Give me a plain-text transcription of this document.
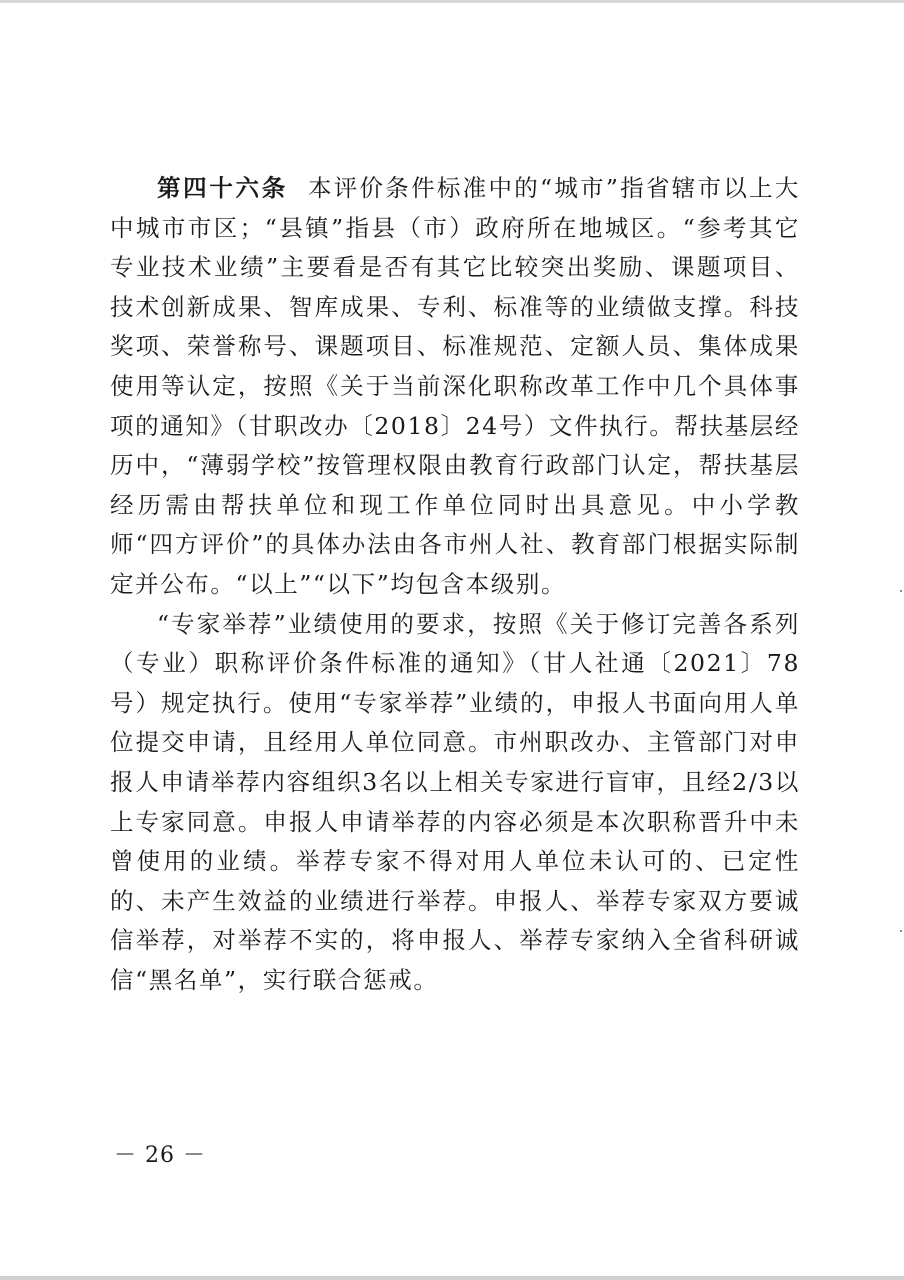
第四十六条 本评价条件标准中的“城市”指省辖市以上大中城市市区；“县镇”指县（市）政府所在地城区。“参考其它专业技术业绩”主要看是否有其它比较突出奖励、课题项目、技术创新成果、智库成果、专利、标准等的业绩做支撑。科技奖项、荣誉称号、课题项目、标准规范、定额人员、集体成果使用等认定，按照《关于当前深化职称改革工作中几个具体事项的通知》（甘职改办〔2018〕24号）文件执行。帮扶基层经历中，“薄弱学校”按管理权限由教育行政部门认定，帮扶基层经历需由帮扶单位和现工作单位同时出具意见。中小学教师“四方评价”的具体办法由各市州人社、教育部门根据实际制定并公布。“以上”“以下”均包含本级别。

“专家举荐”业绩使用的要求，按照《关于修订完善各系列（专业）职称评价条件标准的通知》（甘人社通〔2021〕78号）规定执行。使用“专家举荐”业绩的，申报人书面向用人单位提交申请，且经用人单位同意。市州职改办、主管部门对申报人申请举荐内容组织3名以上相关专家进行盲审，且经2/3以上专家同意。申报人申请举荐的内容必须是本次职称晋升中未曾使用的业绩。举荐专家不得对用人单位未认可的、已定性的、未产生效益的业绩进行举荐。申报人、举荐专家双方要诚信举荐，对举荐不实的，将申报人、举荐专家纳入全省科研诚信“黑名单”，实行联合惩戒。

－ 26 －
